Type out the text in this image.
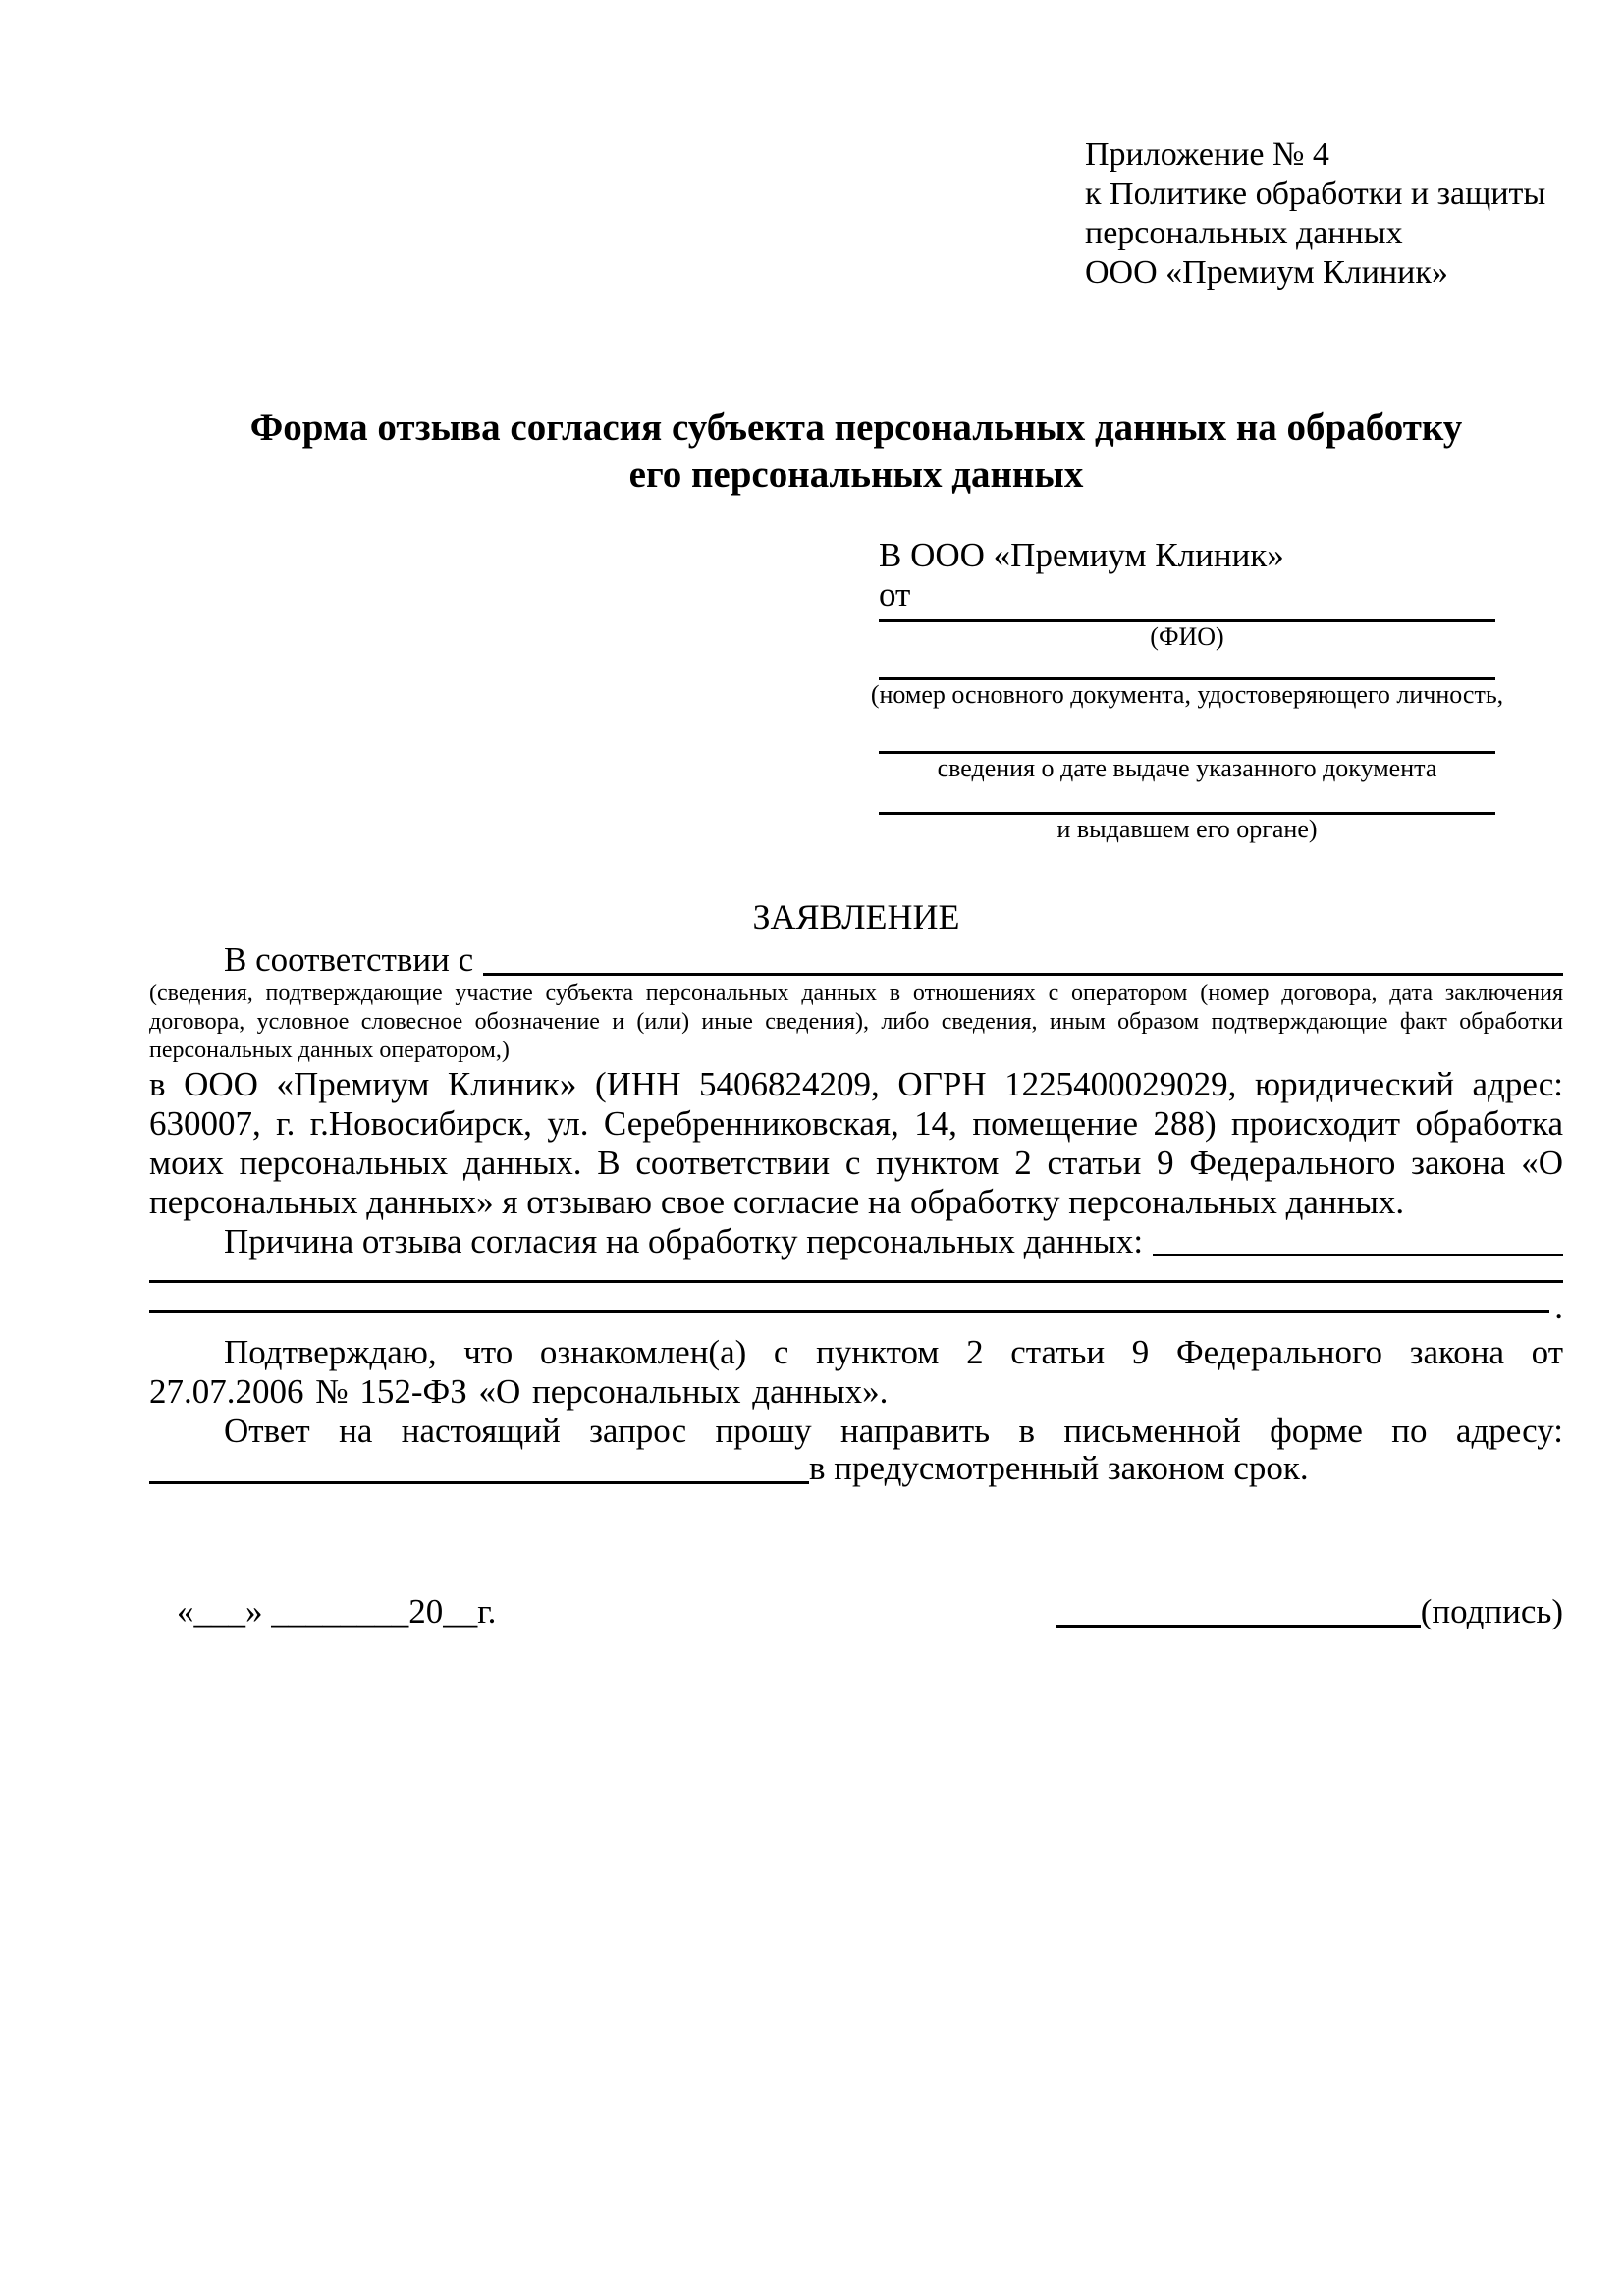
Приложение № 4
к Политике обработки и защиты
персональных данных
ООО «Премиум Клиник»
Форма отзыва согласия субъекта персональных данных на обработку
его персональных данных
В ООО «Премиум Клиник»
от
(ФИО)
(номер основного документа, удостоверяющего личность,
сведения о дате выдаче указанного документа
и выдавшем его органе)
ЗАЯВЛЕНИЕ
В соответствии с

(сведения, подтверждающие участие субъекта персональных данных в отношениях с оператором (номер договора, дата заключения договора, условное словесное обозначение и (или) иные сведения), либо сведения, иным образом подтверждающие факт обработки персональных данных оператором,)

в ООО «Премиум Клиник» (ИНН 5406824209, ОГРН 1225400029029, юридический адрес: 630007, г. г.Новосибирск, ул. Серебренниковская, 14, помещение 288) происходит обработка моих персональных данных. В соответствии с пунктом 2 статьи 9 Федерального закона «О персональных данных» я отзываю свое согласие на обработку персональных данных.

Причина отзыва согласия на обработку персональных данных:
.

Подтверждаю, что ознакомлен(а) с пунктом 2 статьи 9 Федерального закона от 27.07.2006 № 152-ФЗ «О персональных данных».

Ответ на настоящий запрос прошу направить в письменной форме по адресу:

в предусмотренный законом срок.
«___» ________20__г.	(подпись)
